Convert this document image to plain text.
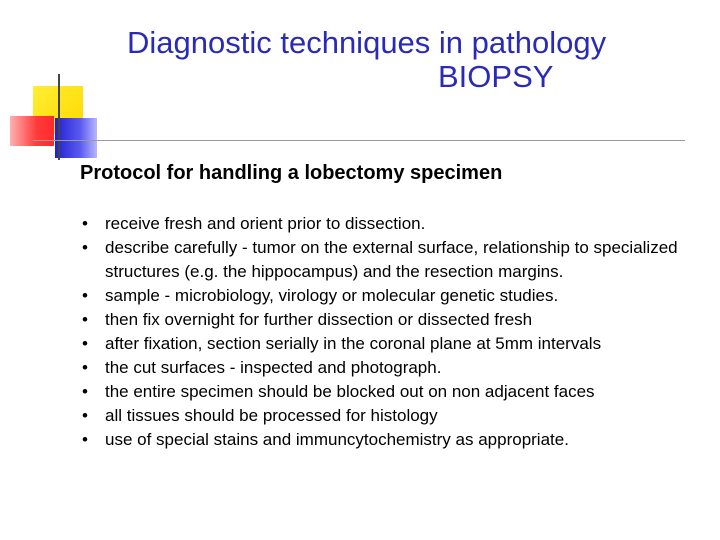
Diagnostic techniques in pathology
BIOPSY
Protocol for handling a lobectomy specimen
• receive fresh and orient prior to dissection.
• describe carefully - tumor on the external surface, relationship to specialized structures (e.g. the hippocampus) and the resection margins.
• sample - microbiology, virology or molecular genetic studies.
• then fix overnight for further dissection or dissected fresh
• after fixation, section serially in the coronal plane at 5mm intervals
• the cut surfaces - inspected and photograph.
• the entire specimen should be blocked out on non adjacent faces
• all tissues should be processed for histology
• use of special stains and immuncytochemistry as appropriate.
